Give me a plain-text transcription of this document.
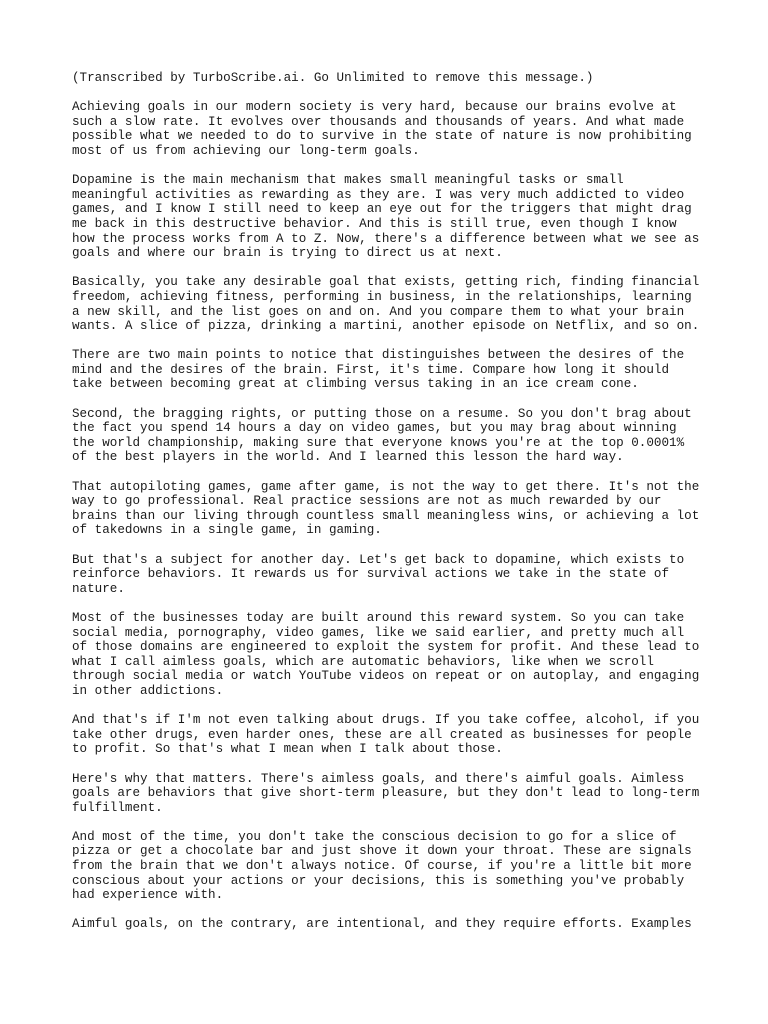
(Transcribed by TurboScribe.ai. Go Unlimited to remove this message.)
Achieving goals in our modern society is very hard, because our brains evolve at
such a slow rate. It evolves over thousands and thousands of years. And what made
possible what we needed to do to survive in the state of nature is now prohibiting
most of us from achieving our long-term goals.
Dopamine is the main mechanism that makes small meaningful tasks or small
meaningful activities as rewarding as they are. I was very much addicted to video
games, and I know I still need to keep an eye out for the triggers that might drag
me back in this destructive behavior. And this is still true, even though I know
how the process works from A to Z. Now, there's a difference between what we see as
goals and where our brain is trying to direct us at next.
Basically, you take any desirable goal that exists, getting rich, finding financial
freedom, achieving fitness, performing in business, in the relationships, learning
a new skill, and the list goes on and on. And you compare them to what your brain
wants. A slice of pizza, drinking a martini, another episode on Netflix, and so on.
There are two main points to notice that distinguishes between the desires of the
mind and the desires of the brain. First, it's time. Compare how long it should
take between becoming great at climbing versus taking in an ice cream cone.
Second, the bragging rights, or putting those on a resume. So you don't brag about
the fact you spend 14 hours a day on video games, but you may brag about winning
the world championship, making sure that everyone knows you're at the top 0.0001%
of the best players in the world. And I learned this lesson the hard way.
That autopiloting games, game after game, is not the way to get there. It's not the
way to go professional. Real practice sessions are not as much rewarded by our
brains than our living through countless small meaningless wins, or achieving a lot
of takedowns in a single game, in gaming.
But that's a subject for another day. Let's get back to dopamine, which exists to
reinforce behaviors. It rewards us for survival actions we take in the state of
nature.
Most of the businesses today are built around this reward system. So you can take
social media, pornography, video games, like we said earlier, and pretty much all
of those domains are engineered to exploit the system for profit. And these lead to
what I call aimless goals, which are automatic behaviors, like when we scroll
through social media or watch YouTube videos on repeat or on autoplay, and engaging
in other addictions.
And that's if I'm not even talking about drugs. If you take coffee, alcohol, if you
take other drugs, even harder ones, these are all created as businesses for people
to profit. So that's what I mean when I talk about those.
Here's why that matters. There's aimless goals, and there's aimful goals. Aimless
goals are behaviors that give short-term pleasure, but they don't lead to long-term
fulfillment.
And most of the time, you don't take the conscious decision to go for a slice of
pizza or get a chocolate bar and just shove it down your throat. These are signals
from the brain that we don't always notice. Of course, if you're a little bit more
conscious about your actions or your decisions, this is something you've probably
had experience with.
Aimful goals, on the contrary, are intentional, and they require efforts. Examples
